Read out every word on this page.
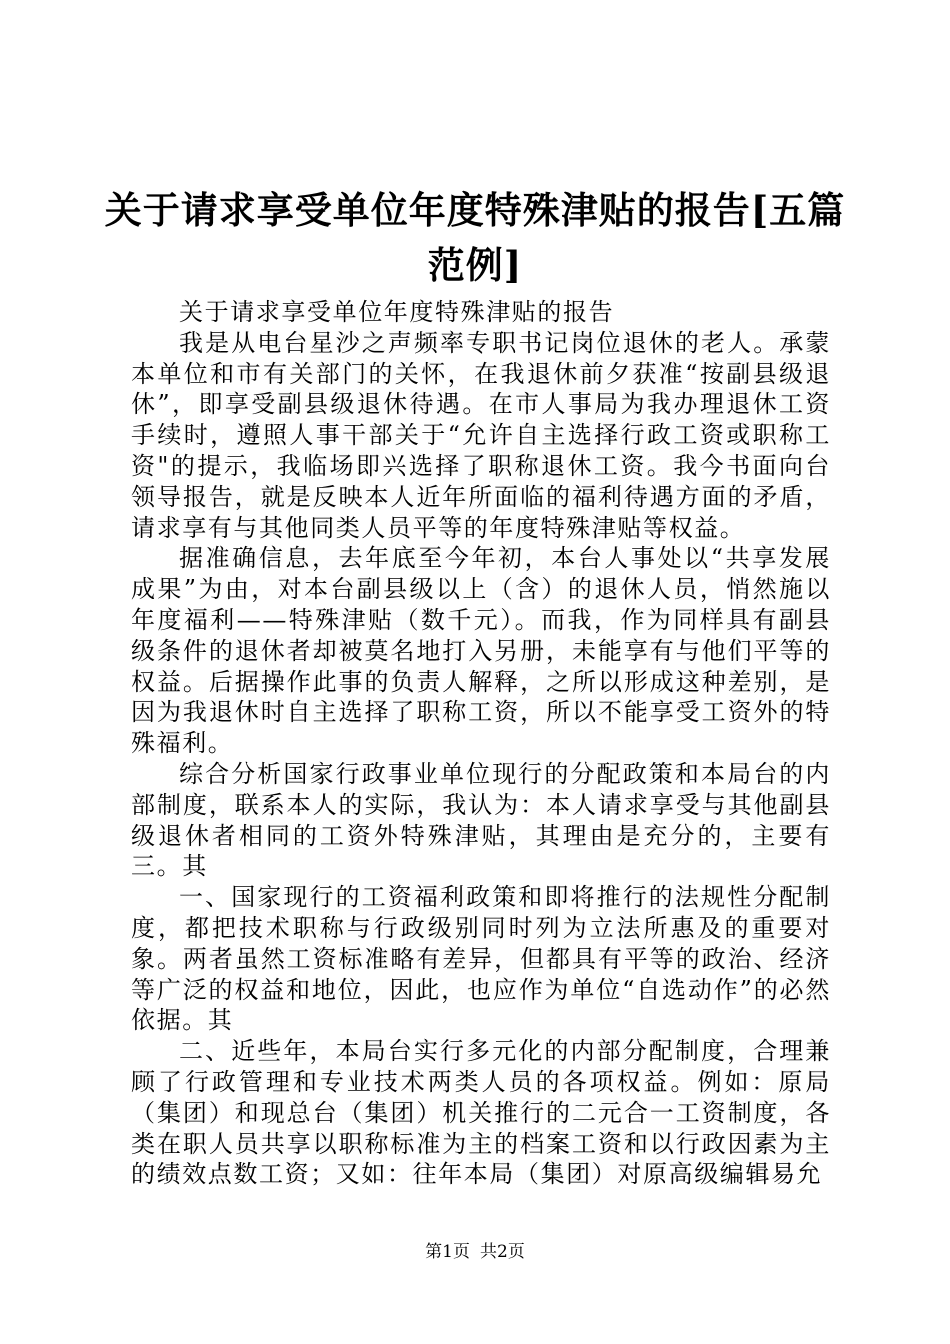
关于请求享受单位年度特殊津贴的报告[五篇
范例]

关于请求享受单位年度特殊津贴的报告

我是从电台星沙之声频率专职书记岗位退休的老人。承蒙本单位和市有关部门的关怀，在我退休前夕获准“按副县级退休”，即享受副县级退休待遇。在市人事局为我办理退休工资手续时，遵照人事干部关于“允许自主选择行政工资或职称工资"的提示，我临场即兴选择了职称退休工资。我今书面向台领导报告，就是反映本人近年所面临的福利待遇方面的矛盾，请求享有与其他同类人员平等的年度特殊津贴等权益。

据准确信息，去年底至今年初，本台人事处以“共享发展成果”为由，对本台副县级以上（含）的退休人员，悄然施以年度福利——特殊津贴（数千元）。而我，作为同样具有副县级条件的退休者却被莫名地打入另册，未能享有与他们平等的权益。后据操作此事的负责人解释，之所以形成这种差别，是因为我退休时自主选择了职称工资，所以不能享受工资外的特殊福利。

综合分析国家行政事业单位现行的分配政策和本局台的内部制度，联系本人的实际，我认为：本人请求享受与其他副县级退休者相同的工资外特殊津贴，其理由是充分的，主要有三。其

一、国家现行的工资福利政策和即将推行的法规性分配制度，都把技术职称与行政级别同时列为立法所惠及的重要对象。两者虽然工资标准略有差异，但都具有平等的政治、经济等广泛的权益和地位，因此，也应作为单位“自选动作”的必然依据。其

二、近些年，本局台实行多元化的内部分配制度，合理兼顾了行政管理和专业技术两类人员的各项权益。例如：原局（集团）和现总台（集团）机关推行的二元合一工资制度，各类在职人员共享以职称标准为主的档案工资和以行政因素为主的绩效点数工资；又如：往年本局（集团）对原高级编辑易允

第1页 共2页
